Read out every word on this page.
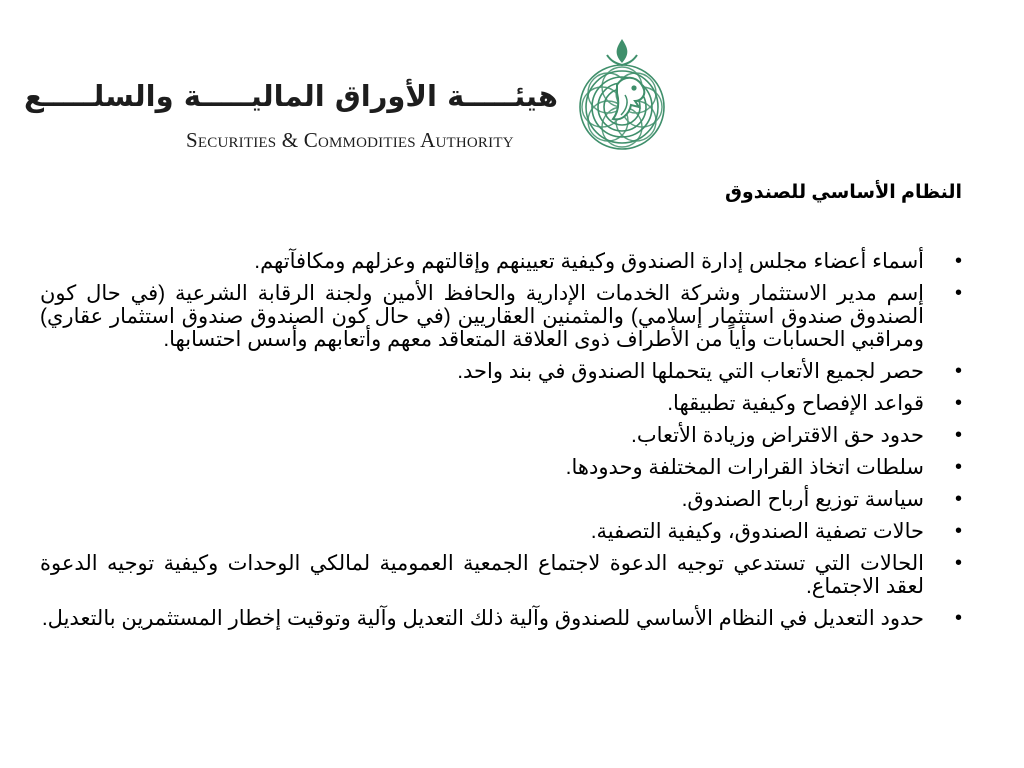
هيئـــــة الأوراق الماليـــــة والسلـــــع
Securities & Commodities Authority
النظام الأساسي للصندوق
•
أسماء أعضاء مجلس إدارة الصندوق وكيفية تعيينهم وإقالتهم وعزلهم ومكافآتهم.
•
إسم مدير الاستثمار وشركة الخدمات الإدارية والحافظ الأمين ولجنة الرقابة الشرعية (في حال كون الصندوق صندوق استثمار إسلامي) والمثمنين العقاريين (في حال كون الصندوق صندوق استثمار عقاري) ومراقبي الحسابات وأياً من الأطراف ذوى العلاقة المتعاقد معهم وأتعابهم وأسس احتسابها.
•
حصر لجميع الأتعاب التي يتحملها الصندوق في بند واحد.
•
قواعد الإفصاح وكيفية تطبيقها.
•
حدود حق الاقتراض وزيادة الأتعاب.
•
سلطات اتخاذ القرارات المختلفة وحدودها.
•
سياسة توزيع أرباح الصندوق.
•
حالات تصفية الصندوق، وكيفية التصفية.
•
الحالات التي تستدعي توجيه الدعوة لاجتماع الجمعية العمومية لمالكي الوحدات وكيفية توجيه الدعوة لعقد الاجتماع.
•
حدود التعديل في النظام الأساسي للصندوق وآلية ذلك التعديل وآلية وتوقيت إخطار المستثمرين بالتعديل.
